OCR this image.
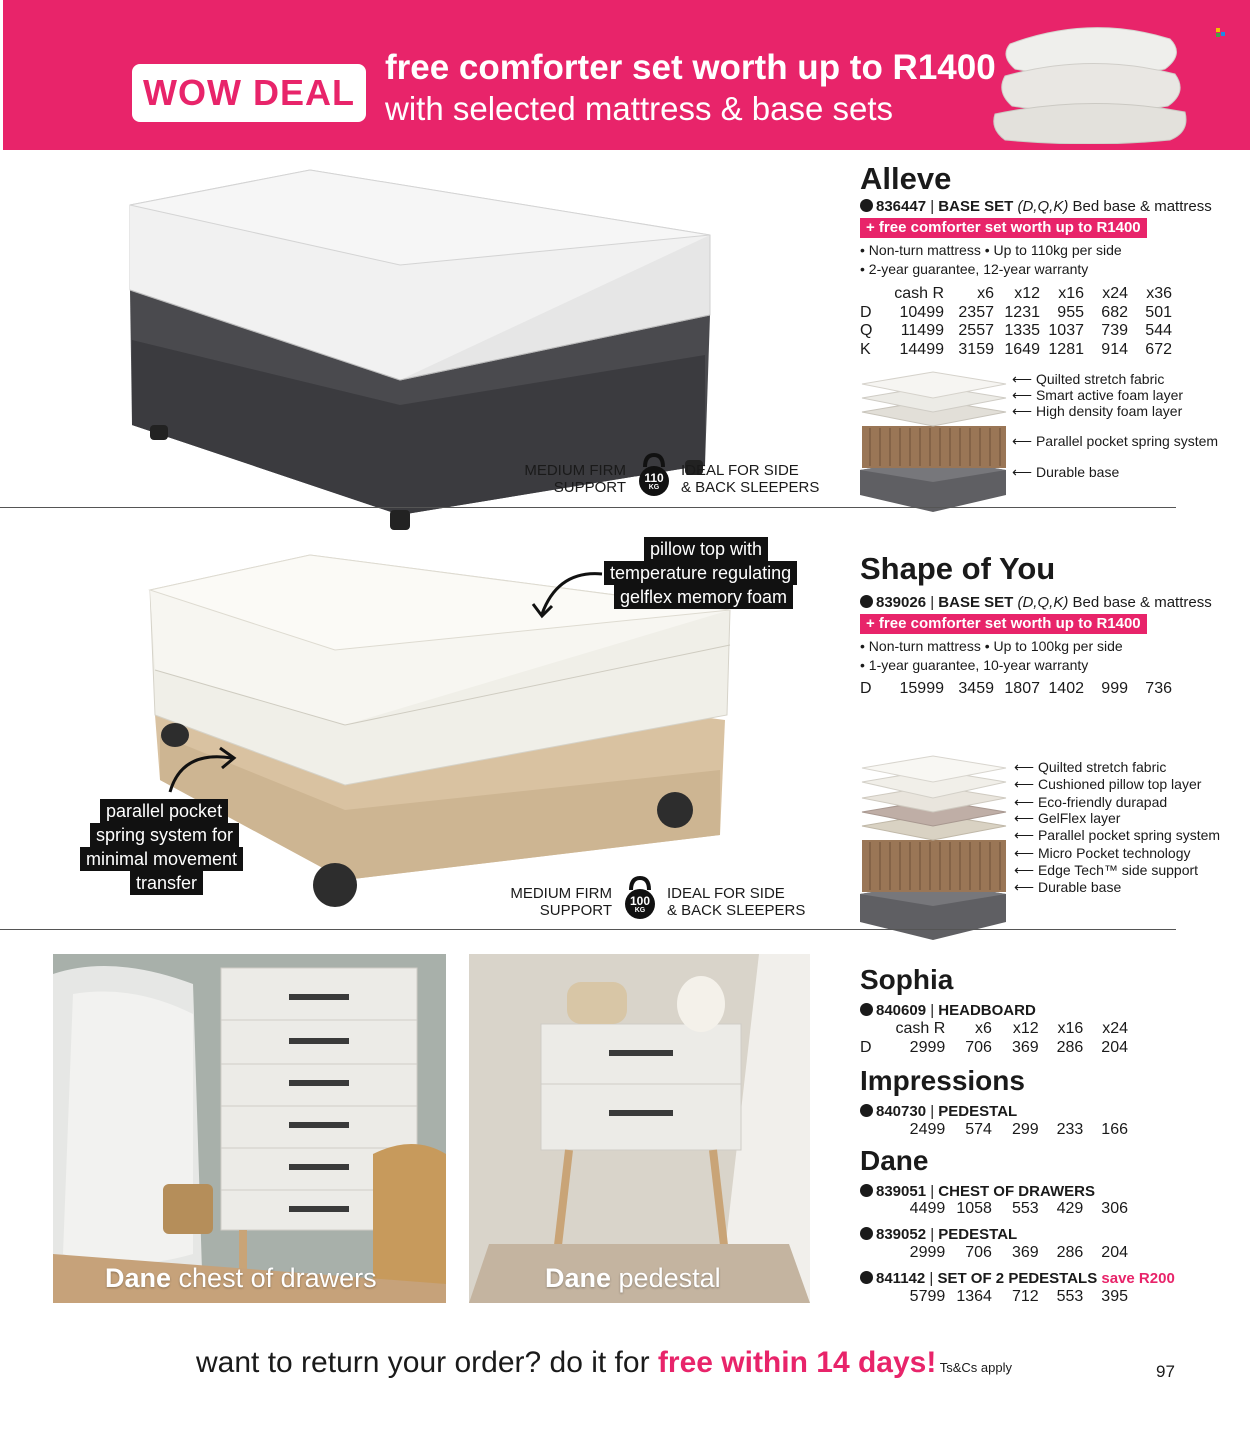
WOW DEAL
free comforter set worth up to R1400
with selected mattress & base sets
Alleve
836447 | BASE SET (D,Q,K) Bed base & mattress
+ free comforter set worth up to R1400
• Non-turn mattress • Up to 110kg per side
• 2-year guarantee, 12-year warranty
	cash R	x6	x12	x16	x24	x36
D	10499	2357	1231	955	682	501
Q	11499	2557	1335	1037	739	544
K	14499	3159	1649	1281	914	672
⟵ Quilted stretch fabric
⟵ Smart active foam layer
⟵ High density foam layer
⟵ Parallel pocket spring system
⟵ Durable base
MEDIUM FIRM
SUPPORT
110
KG
IDEAL FOR SIDE
& BACK SLEEPERS
pillow top with
temperature regulating
gelflex memory foam
parallel pocket
spring system for
minimal movement
transfer
Shape of You
839026 | BASE SET (D,Q,K) Bed base & mattress
+ free comforter set worth up to R1400
• Non-turn mattress • Up to 100kg per side
• 1-year guarantee, 10-year warranty
D	15999	3459	1807	1402	999	736
⟵ Quilted stretch fabric
⟵ Cushioned pillow top layer
⟵ Eco-friendly durapad
⟵ GelFlex layer
⟵ Parallel pocket spring system
⟵ Micro Pocket technology
⟵ Edge Tech™ side support
⟵ Durable base
MEDIUM FIRM
SUPPORT
100
KG
IDEAL FOR SIDE
& BACK SLEEPERS
Dane chest of drawers	Dane pedestal
Sophia
840609 | HEADBOARD
	cash R	x6	x12	x16	x24
D	2999	706	369	286	204
Impressions
840730 | PEDESTAL
	2499	574	299	233	166
Dane
839051 | CHEST OF DRAWERS
	4499	1058	553	429	306
839052 | PEDESTAL
	2999	706	369	286	204
841142 | SET OF 2 PEDESTALS save R200
	5799	1364	712	553	395
want to return your order? do it for free within 14 days! Ts&Cs apply	97
